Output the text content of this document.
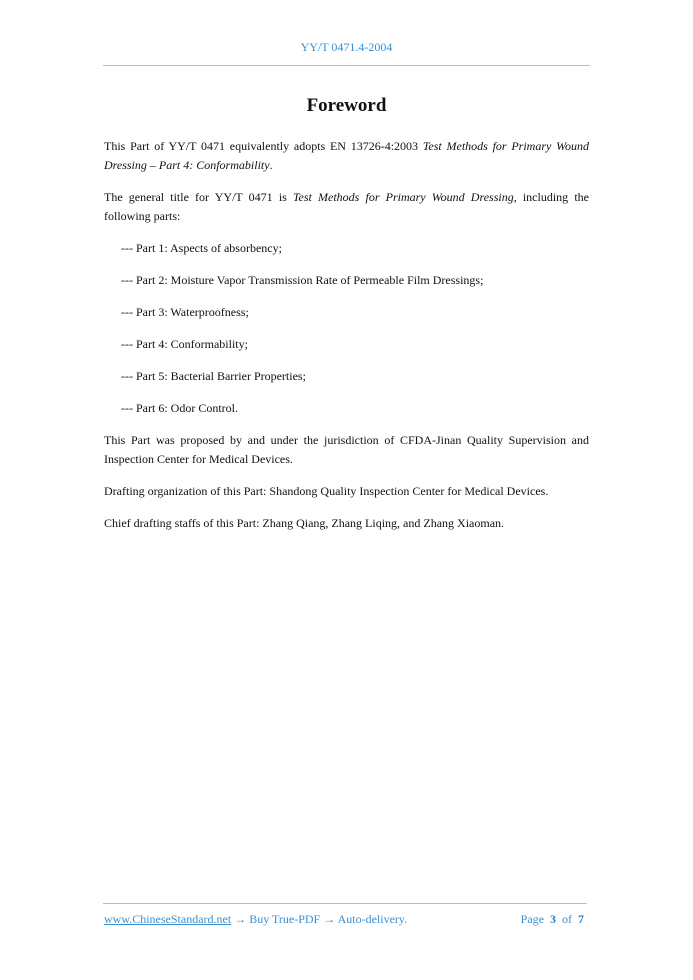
YY/T 0471.4-2004
Foreword

This Part of YY/T 0471 equivalently adopts EN 13726-4:2003 Test Methods for Primary Wound Dressing – Part 4: Conformability.

The general title for YY/T 0471 is Test Methods for Primary Wound Dressing, including the following parts:

--- Part 1: Aspects of absorbency;

--- Part 2: Moisture Vapor Transmission Rate of Permeable Film Dressings;

--- Part 3: Waterproofness;

--- Part 4: Conformability;

--- Part 5: Bacterial Barrier Properties;

--- Part 6: Odor Control.

This Part was proposed by and under the jurisdiction of CFDA-Jinan Quality Supervision and Inspection Center for Medical Devices.

Drafting organization of this Part: Shandong Quality Inspection Center for Medical Devices.

Chief drafting staffs of this Part: Zhang Qiang, Zhang Liqing, and Zhang Xiaoman.

www.ChineseStandard.net → Buy True-PDF → Auto-delivery.	Page 3 of 7
